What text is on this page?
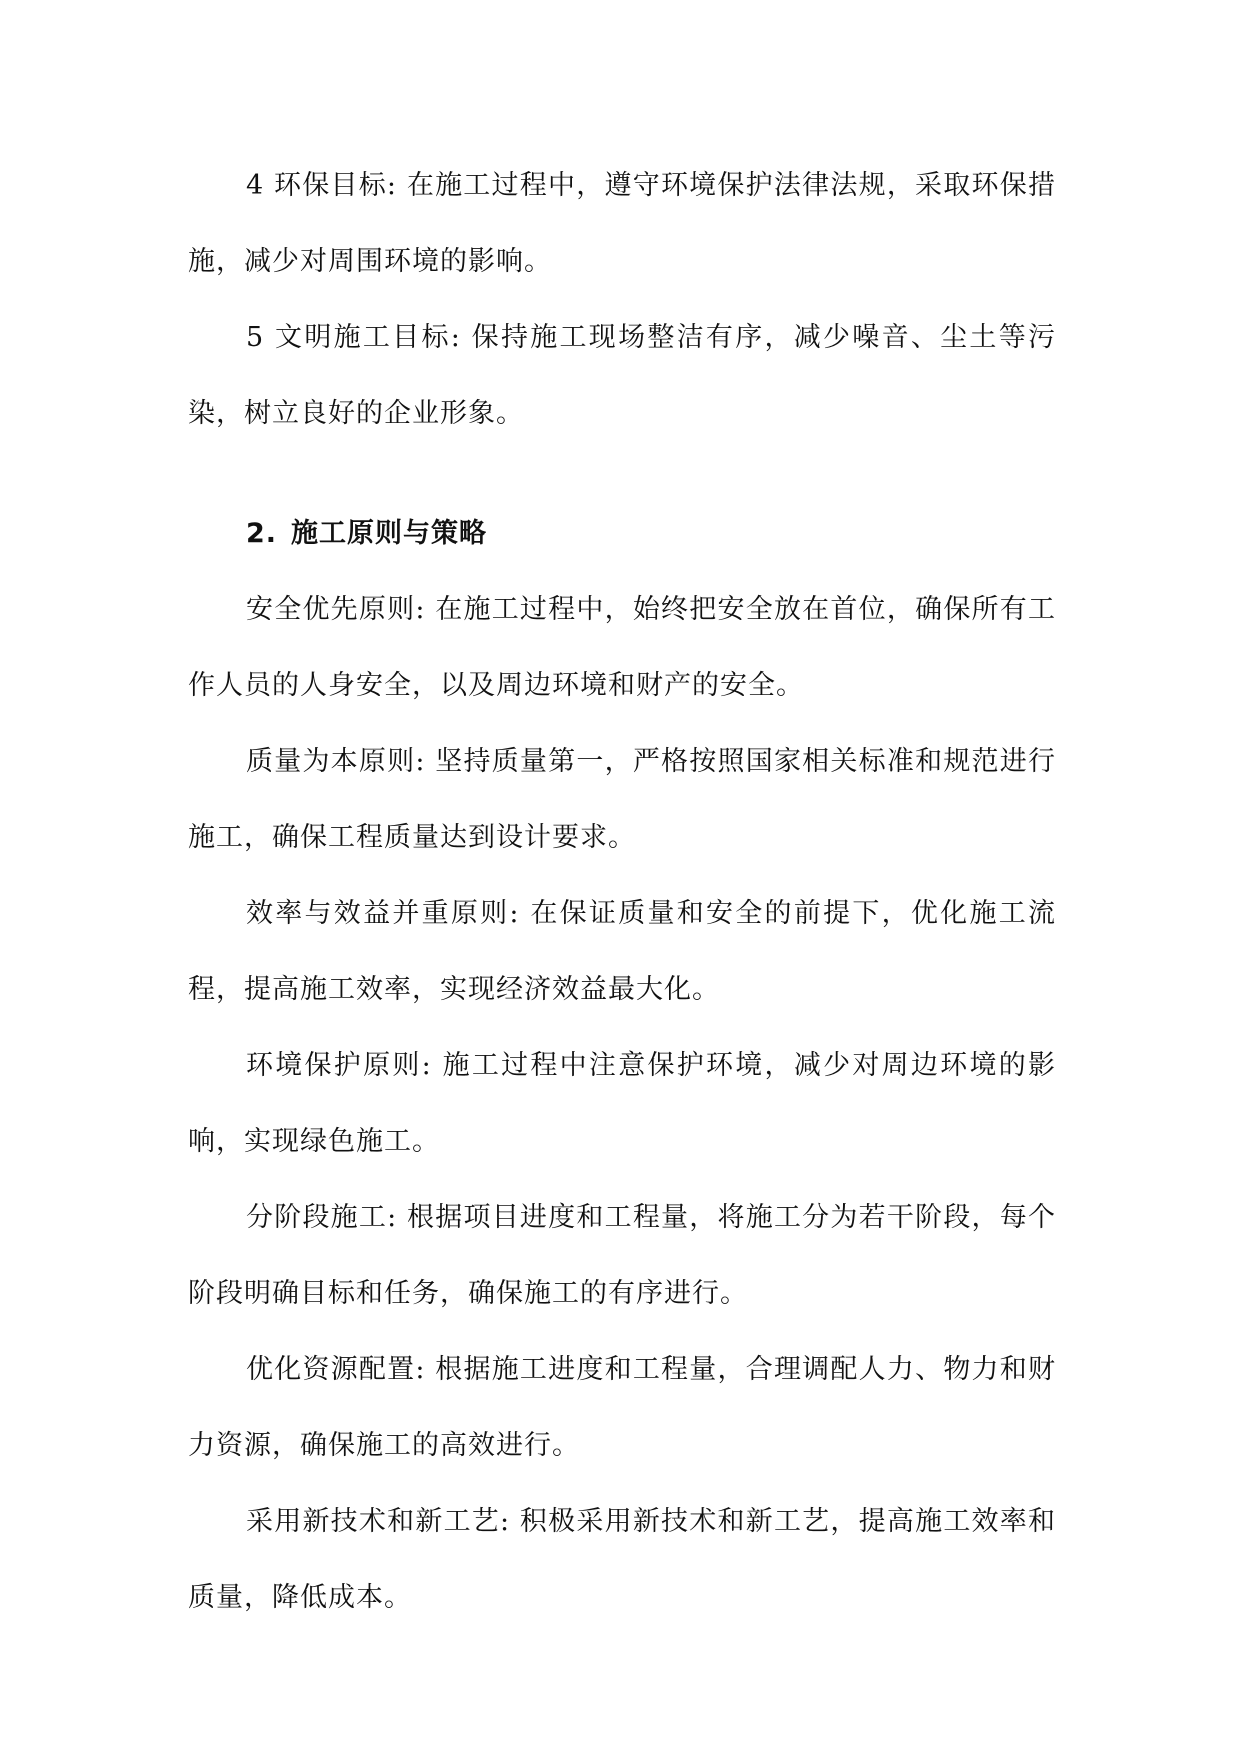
4 环保目标: 在施工过程中，遵守环境保护法律法规，采取环保措施，减少对周围环境的影响。

5 文明施工目标: 保持施工现场整洁有序，减少噪音、尘土等污染，树立良好的企业形象。

2. 施工原则与策略

安全优先原则: 在施工过程中，始终把安全放在首位，确保所有工作人员的人身安全，以及周边环境和财产的安全。

质量为本原则: 坚持质量第一，严格按照国家相关标准和规范进行施工，确保工程质量达到设计要求。

效率与效益并重原则: 在保证质量和安全的前提下，优化施工流程，提高施工效率，实现经济效益最大化。

环境保护原则: 施工过程中注意保护环境，减少对周边环境的影响，实现绿色施工。

分阶段施工: 根据项目进度和工程量，将施工分为若干阶段，每个阶段明确目标和任务，确保施工的有序进行。

优化资源配置: 根据施工进度和工程量，合理调配人力、物力和财力资源，确保施工的高效进行。

采用新技术和新工艺: 积极采用新技术和新工艺，提高施工效率和质量，降低成本。
